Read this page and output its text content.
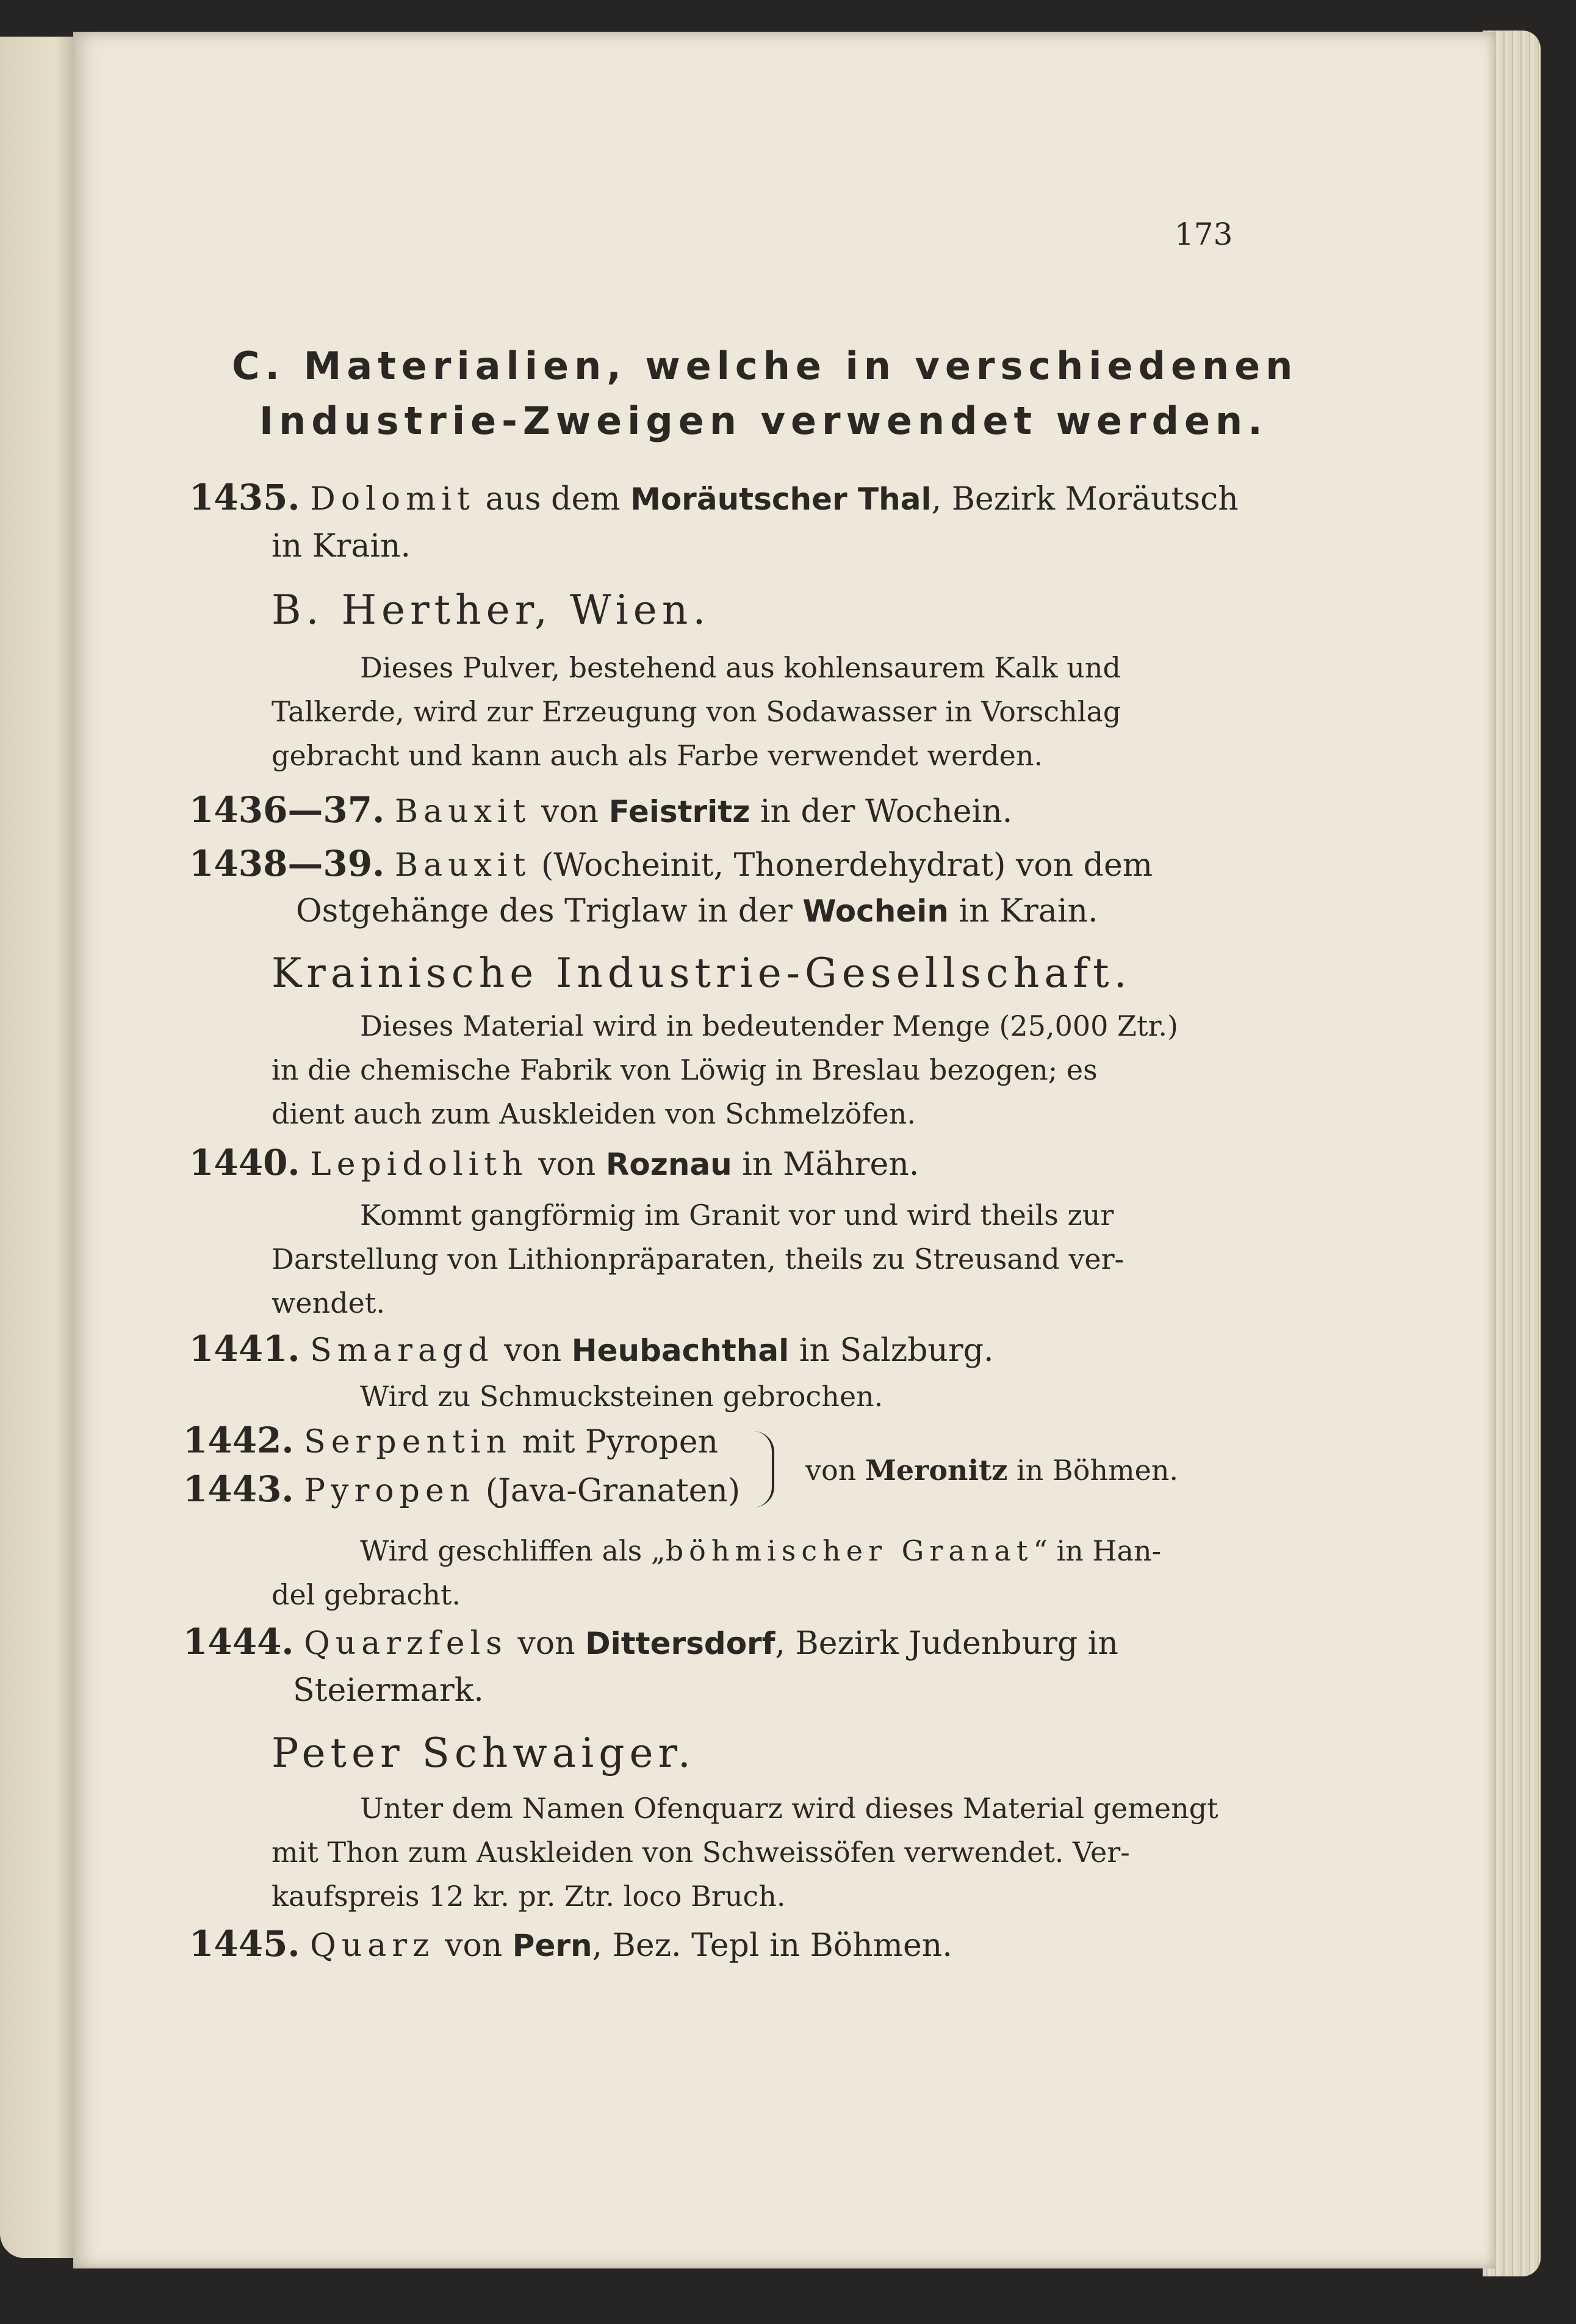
173
C. Materialien, welche in verschiedenen
Industrie-Zweigen verwendet werden.
1435. Dolomit aus dem Moräutscher Thal, Bezirk Moräutsch
in Krain.
B. Herther, Wien.
Dieses Pulver, bestehend aus kohlensaurem Kalk und
Talkerde, wird zur Erzeugung von Sodawasser in Vorschlag
gebracht und kann auch als Farbe verwendet werden.
1436—37. Bauxit von Feistritz in der Wochein.
1438—39. Bauxit (Wocheinit, Thonerdehydrat) von dem
Ostgehänge des Triglaw in der Wochein in Krain.
Krainische Industrie-Gesellschaft.
Dieses Material wird in bedeutender Menge (25,000 Ztr.)
in die chemische Fabrik von Löwig in Breslau bezogen; es
dient auch zum Auskleiden von Schmelzöfen.
1440. Lepidolith von Roznau in Mähren.
Kommt gangförmig im Granit vor und wird theils zur
Darstellung von Lithionpräparaten, theils zu Streusand ver-
wendet.
1441. Smaragd von Heubachthal in Salzburg.
Wird zu Schmucksteinen gebrochen.
1442. Serpentin mit Pyropen
1443. Pyropen (Java-Granaten)
von Meronitz in Böhmen.
Wird geschliffen als „böhmischer Granat“ in Han-
del gebracht.
1444. Quarzfels von Dittersdorf, Bezirk Judenburg in
Steiermark.
Peter Schwaiger.
Unter dem Namen Ofenquarz wird dieses Material gemengt
mit Thon zum Auskleiden von Schweissöfen verwendet. Ver-
kaufspreis 12 kr. pr. Ztr. loco Bruch.
1445. Quarz von Pern, Bez. Tepl in Böhmen.
